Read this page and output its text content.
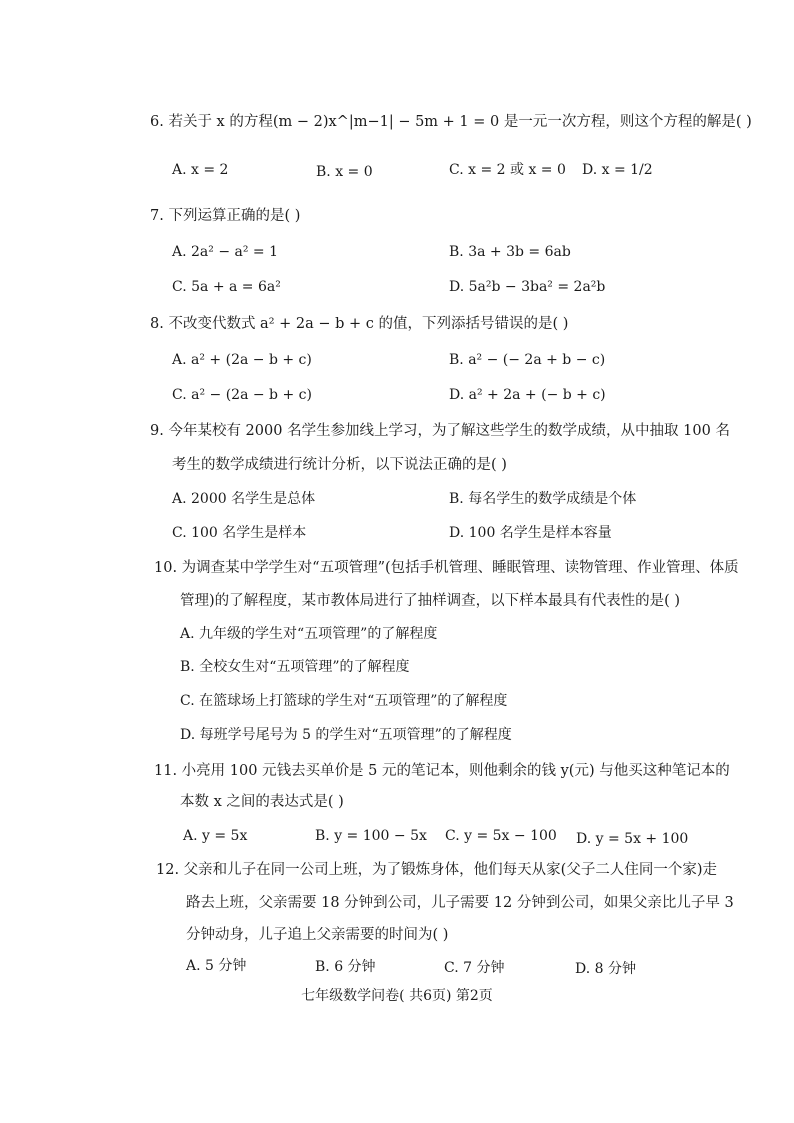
6. 若关于 x 的方程(m − 2)x^|m−1| − 5m + 1 = 0 是一元一次方程，则这个方程的解是( )
A. x = 2	B. x = 0	C. x = 2 或 x = 0 D. x = 1/2
7. 下列运算正确的是( )
A. 2a² − a² = 1	B. 3a + 3b = 6ab
C. 5a + a = 6a²	D. 5a²b − 3ba² = 2a²b
8. 不改变代数式 a² + 2a − b + c 的值，下列添括号错误的是( )
A. a² + (2a − b + c)	B. a² − (− 2a + b − c)
C. a² − (2a − b + c)	D. a² + 2a + (− b + c)
9. 今年某校有 2000 名学生参加线上学习，为了解这些学生的数学成绩，从中抽取 100 名
考生的数学成绩进行统计分析，以下说法正确的是( )
A. 2000 名学生是总体	B. 每名学生的数学成绩是个体
C. 100 名学生是样本	D. 100 名学生是样本容量
10. 为调查某中学学生对“五项管理”(包括手机管理、睡眠管理、读物管理、作业管理、体质
管理)的了解程度，某市教体局进行了抽样调查，以下样本最具有代表性的是( )
A. 九年级的学生对“五项管理”的了解程度
B. 全校女生对“五项管理”的了解程度
C. 在篮球场上打篮球的学生对“五项管理”的了解程度
D. 每班学号尾号为 5 的学生对“五项管理”的了解程度
11. 小亮用 100 元钱去买单价是 5 元的笔记本，则他剩余的钱 y(元) 与他买这种笔记本的
本数 x 之间的表达式是( )
A. y = 5x	B. y = 100 − 5x C. y = 5x − 100 D. y = 5x + 100
12. 父亲和儿子在同一公司上班，为了锻炼身体，他们每天从家(父子二人住同一个家)走
路去上班，父亲需要 18 分钟到公司，儿子需要 12 分钟到公司，如果父亲比儿子早 3
分钟动身，儿子追上父亲需要的时间为( )
A. 5 分钟	B. 6 分钟	C. 7 分钟	D. 8 分钟
七年级数学问卷( 共6页) 第2页
